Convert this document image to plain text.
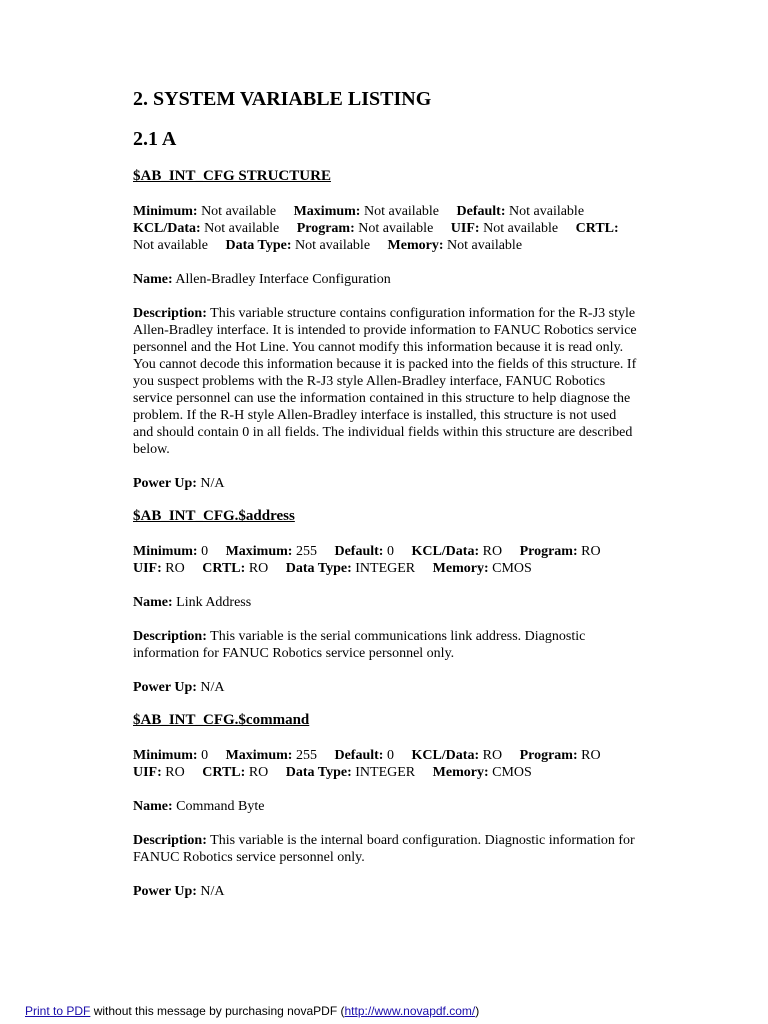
2. SYSTEM VARIABLE LISTING
2.1 A
$AB_INT_CFG STRUCTURE

Minimum: Not available Maximum: Not available Default: Not available
KCL/Data: Not available Program: Not available UIF: Not available CRTL:
Not available Data Type: Not available Memory: Not available

Name: Allen-Bradley Interface Configuration

Description: This variable structure contains configuration information for the R-J3 style Allen-Bradley interface. It is intended to provide information to FANUC Robotics service personnel and the Hot Line. You cannot modify this information because it is read only. You cannot decode this information because it is packed into the fields of this structure. If you suspect problems with the R-J3 style Allen-Bradley interface, FANUC Robotics service personnel can use the information contained in this structure to help diagnose the problem. If the R-H style Allen-Bradley interface is installed, this structure is not used and should contain 0 in all fields. The individual fields within this structure are described below.

Power Up: N/A

$AB_INT_CFG.$address

Minimum: 0 Maximum: 255 Default: 0 KCL/Data: RO Program: RO
UIF: RO CRTL: RO Data Type: INTEGER Memory: CMOS

Name: Link Address

Description: This variable is the serial communications link address. Diagnostic information for FANUC Robotics service personnel only.

Power Up: N/A

$AB_INT_CFG.$command

Minimum: 0 Maximum: 255 Default: 0 KCL/Data: RO Program: RO
UIF: RO CRTL: RO Data Type: INTEGER Memory: CMOS

Name: Command Byte

Description: This variable is the internal board configuration. Diagnostic information for FANUC Robotics service personnel only.

Power Up: N/A

Print to PDF without this message by purchasing novaPDF (http://www.novapdf.com/)
